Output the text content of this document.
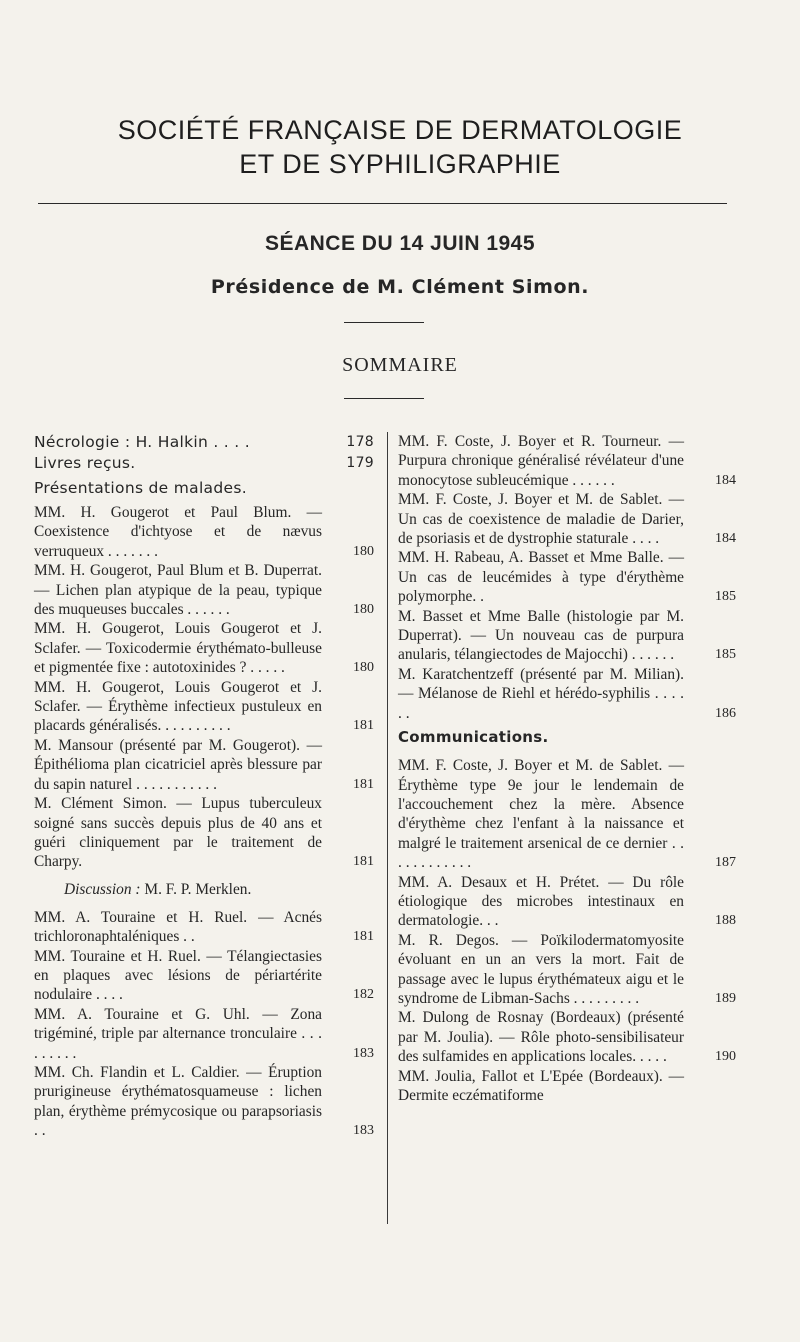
SOCIÉTÉ FRANÇAISE DE DERMATOLOGIE
ET DE SYPHILIGRAPHIE
SÉANCE DU 14 JUIN 1945
Présidence de M. Clément Simon.
SOMMAIRE
Nécrologie : H. Halkin . . . .	178
Livres reçus.	179
Présentations de malades.
MM. H. Gougerot et Paul Blum. — Coexistence d'ichtyose et de nævus verruqueux . . . . . . .	180
MM. H. Gougerot, Paul Blum et B. Duperrat. — Lichen plan atypique de la peau, typique des muqueuses buccales . . . . . .	180
MM. H. Gougerot, Louis Gougerot et J. Sclafer. — Toxicodermie érythémato-bulleuse et pigmentée fixe : autotoxinides ? . . . . .	180
MM. H. Gougerot, Louis Gougerot et J. Sclafer. — Érythème infectieux pustuleux en placards généralisés. . . . . . . . . .	181
M. Mansour (présenté par M. Gougerot). — Épithélioma plan cicatriciel après blessure par du sapin naturel . . . . . . . . . . .	181
M. Clément Simon. — Lupus tuberculeux soigné sans succès depuis plus de 40 ans et guéri cliniquement par le traitement de Charpy.	181
Discussion : M. F. P. Merklen.
MM. A. Touraine et H. Ruel. — Acnés trichloronaphtaléniques . .	181
MM. Touraine et H. Ruel. — Télangiectasies en plaques avec lésions de périartérite nodulaire . . . .	182
MM. A. Touraine et G. Uhl. — Zona trigéminé, triple par alternance tronculaire . . . . . . . . .	183
MM. Ch. Flandin et L. Caldier. — Éruption prurigineuse érythématosquameuse : lichen plan, érythème prémycosique ou parapsoriasis . .	183
MM. F. Coste, J. Boyer et R. Tourneur. — Purpura chronique généralisé révélateur d'une monocytose subleucémique . . . . . .	184
MM. F. Coste, J. Boyer et M. de Sablet. — Un cas de coexistence de maladie de Darier, de psoriasis et de dystrophie staturale . . . .	184
MM. H. Rabeau, A. Basset et Mme Balle. — Un cas de leucémides à type d'érythème polymorphe. .	185
M. Basset et Mme Balle (histologie par M. Duperrat). — Un nouveau cas de purpura anularis, télangiectodes de Majocchi) . . . . . .	185
M. Karatchentzeff (présenté par M. Milian). — Mélanose de Riehl et hérédo-syphilis . . . . . .	186
Communications.
MM. F. Coste, J. Boyer et M. de Sablet. — Érythème type 9e jour le lendemain de l'accouchement chez la mère. Absence d'érythème chez l'enfant à la naissance et malgré le traitement arsenical de ce dernier . . . . . . . . . . . .	187
MM. A. Desaux et H. Prétet. — Du rôle étiologique des microbes intestinaux en dermatologie. . .	188
M. R. Degos. — Poïkilodermatomyosite évoluant en un an vers la mort. Fait de passage avec le lupus érythémateux aigu et le syndrome de Libman-Sachs . . . . . . . . .	189
M. Dulong de Rosnay (Bordeaux) (présenté par M. Joulia). — Rôle photo-sensibilisateur des sulfamides en applications locales. . . . .	190
MM. Joulia, Fallot et L'Epée (Bordeaux). — Dermite eczématiforme
